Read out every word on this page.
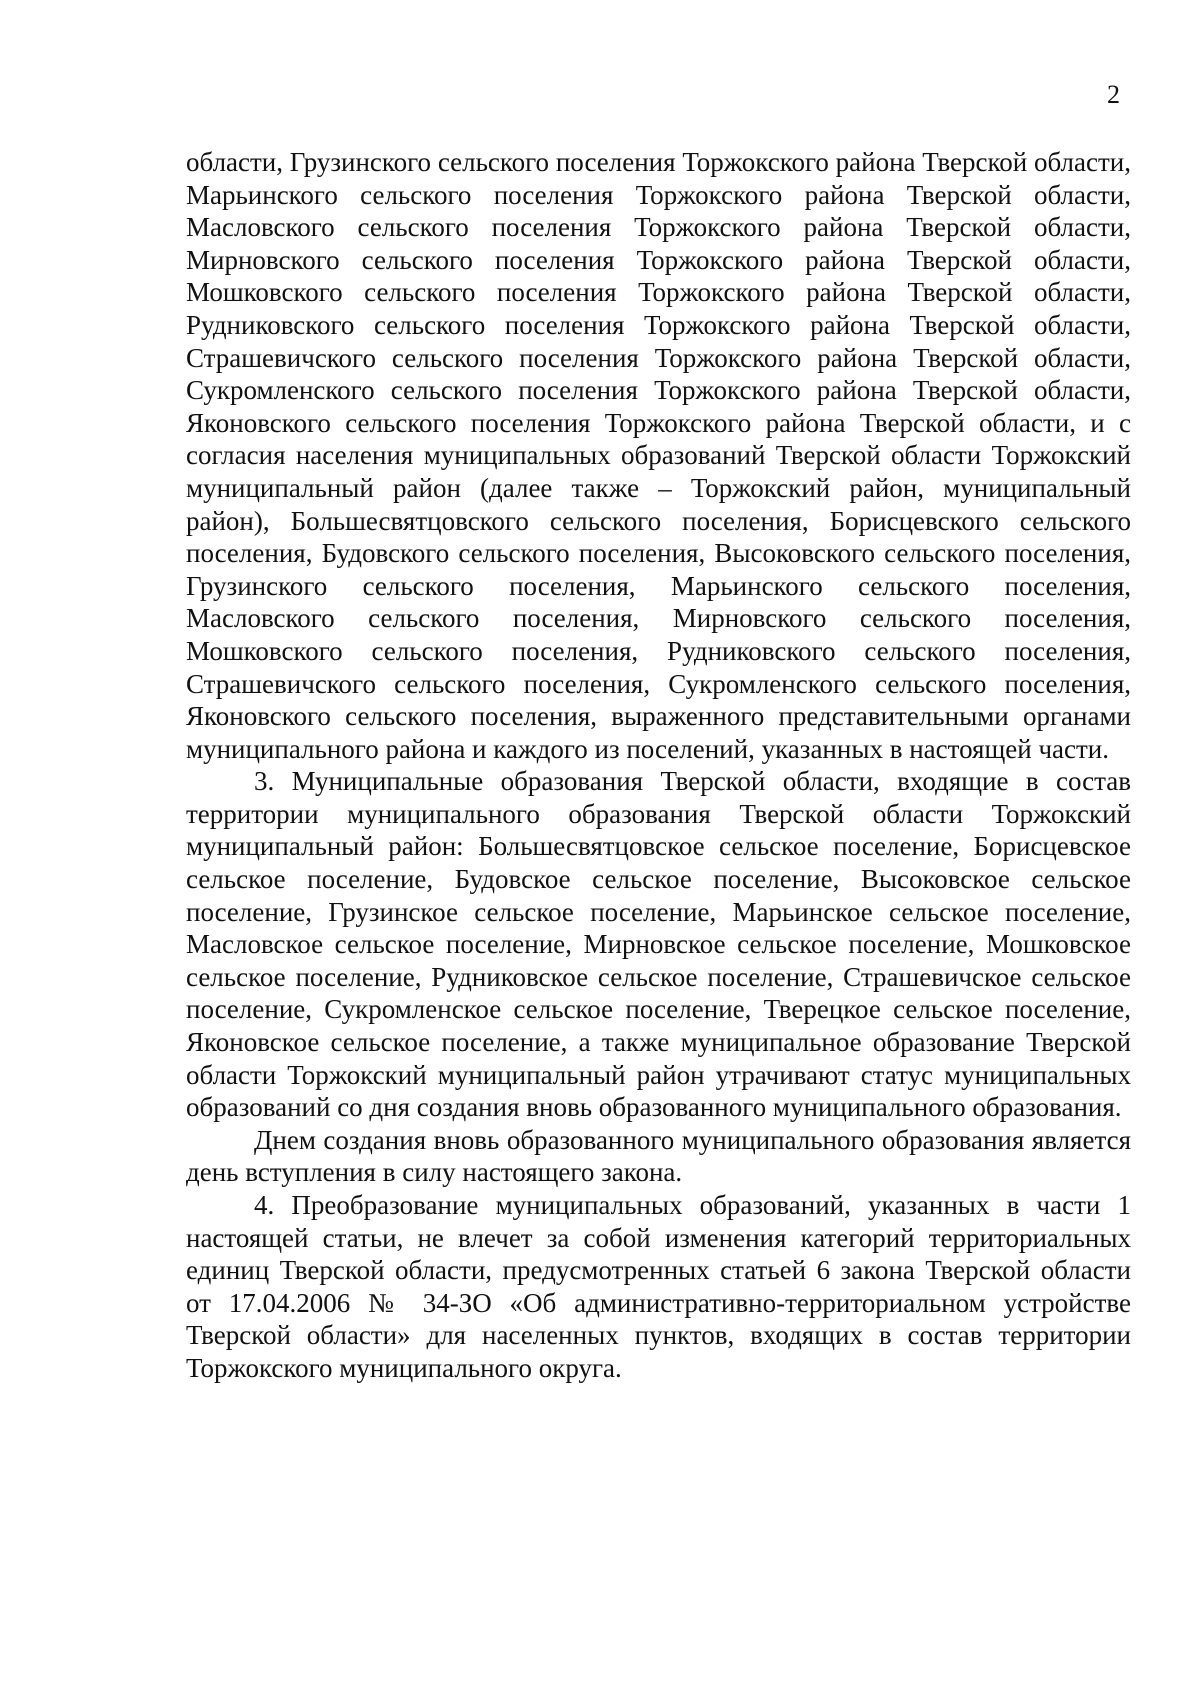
2

области, Грузинского сельского поселения Торжокского района Тверской области, Марьинского сельского поселения Торжокского района Тверской области, Масловского сельского поселения Торжокского района Тверской области, Мирновского сельского поселения Торжокского района Тверской области, Мошковского сельского поселения Торжокского района Тверской области, Рудниковского сельского поселения Торжокского района Тверской области, Страшевичского сельского поселения Торжокского района Тверской области, Сукромленского сельского поселения Торжокского района Тверской области, Яконовского сельского поселения Торжокского района Тверской области, и с согласия населения муниципальных образований Тверской области Торжокский муниципальный район (далее также – Торжокский район, муниципальный район), Большесвятцовского сельского поселения, Борисцевского сельского поселения, Будовского сельского поселения, Высоковского сельского поселения, Грузинского сельского поселения, Марьинского сельского поселения, Масловского сельского поселения, Мирновского сельского поселения, Мошковского сельского поселения, Рудниковского сельского поселения, Страшевичского сельского поселения, Сукромленского сельского поселения, Яконовского сельского поселения, выраженного представительными органами муниципального района и каждого из поселений, указанных в настоящей части.

3. Муниципальные образования Тверской области, входящие в состав территории муниципального образования Тверской области Торжокский муниципальный район: Большесвятцовское сельское поселение, Борисцевское сельское поселение, Будовское сельское поселение, Высоковское сельское поселение, Грузинское сельское поселение, Марьинское сельское поселение, Масловское сельское поселение, Мирновское сельское поселение, Мошковское сельское поселение, Рудниковское сельское поселение, Страшевичское сельское поселение, Сукромленское сельское поселение, Тверецкое сельское поселение, Яконовское сельское поселение, а также муниципальное образование Тверской области Торжокский муниципальный район утрачивают статус муниципальных образований со дня создания вновь образованного муниципального образования.

Днем создания вновь образованного муниципального образования является день вступления в силу настоящего закона.

4. Преобразование муниципальных образований, указанных в части 1 настоящей статьи, не влечет за собой изменения категорий территориальных единиц Тверской области, предусмотренных статьей 6 закона Тверской области от 17.04.2006 № 34-ЗО «Об административно-территориальном устройстве Тверской области» для населенных пунктов, входящих в состав территории Торжокского муниципального округа.
